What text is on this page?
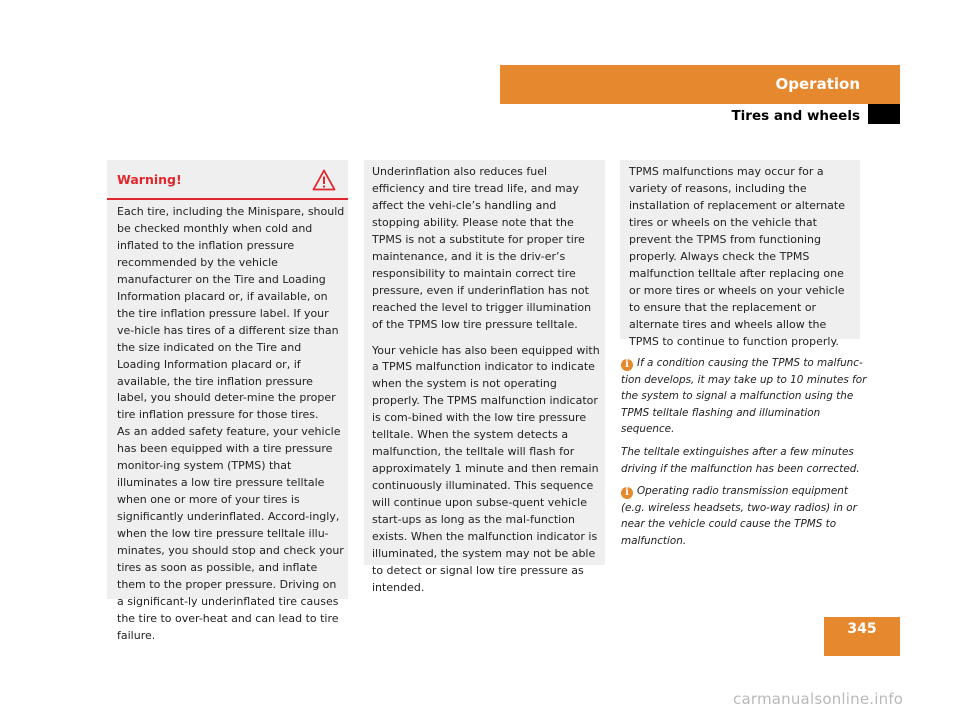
Operation
Tires and wheels
Warning!

Each tire, including the Minispare, should be checked monthly when cold and inflated to the inflation pressure recommended by the vehicle manufacturer on the Tire and Loading Information placard or, if available, on the tire inflation pressure label. If your ve-hicle has tires of a different size than the size indicated on the Tire and Loading Information placard or, if available, the tire inflation pressure label, you should deter-mine the proper tire inflation pressure for those tires.

As an added safety feature, your vehicle has been equipped with a tire pressure monitor-ing system (TPMS) that illuminates a low tire pressure telltale when one or more of your tires is significantly underinflated. Accord-ingly, when the low tire pressure telltale illu-minates, you should stop and check your tires as soon as possible, and inflate them to the proper pressure. Driving on a significant-ly underinflated tire causes the tire to over-heat and can lead to tire failure.

Underinflation also reduces fuel efficiency and tire tread life, and may affect the vehi-cle’s handling and stopping ability. Please note that the TPMS is not a substitute for proper tire maintenance, and it is the driv-er’s responsibility to maintain correct tire pressure, even if underinflation has not reached the level to trigger illumination of the TPMS low tire pressure telltale.

Your vehicle has also been equipped with a TPMS malfunction indicator to indicate when the system is not operating properly. The TPMS malfunction indicator is com-bined with the low tire pressure telltale. When the system detects a malfunction, the telltale will flash for approximately 1 minute and then remain continuously illuminated. This sequence will continue upon subse-quent vehicle start-ups as long as the mal-function exists. When the malfunction indicator is illuminated, the system may not be able to detect or signal low tire pressure as intended.

TPMS malfunctions may occur for a variety of reasons, including the installation of replacement or alternate tires or wheels on the vehicle that prevent the TPMS from functioning properly. Always check the TPMS malfunction telltale after replacing one or more tires or wheels on your vehicle to ensure that the replacement or alternate tires and wheels allow the TPMS to continue to function properly.

i If a condition causing the TPMS to malfunc-tion develops, it may take up to 10 minutes for the system to signal a malfunction using the TPMS telltale flashing and illumination sequence.

The telltale extinguishes after a few minutes driving if the malfunction has been corrected.

i Operating radio transmission equipment (e.g. wireless headsets, two-way radios) in or near the vehicle could cause the TPMS to malfunction.

345
carmanualsonline.info
